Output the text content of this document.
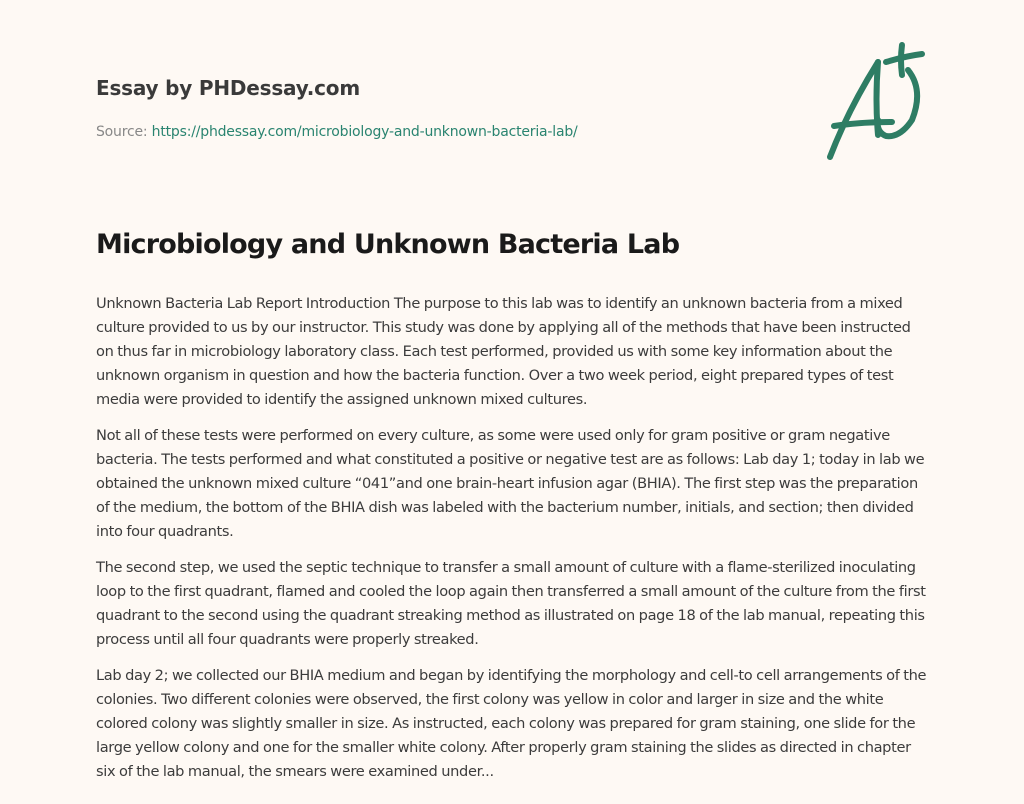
Essay by PHDessay.com
Source: https://phdessay.com/microbiology-and-unknown-bacteria-lab/
Microbiology and Unknown Bacteria Lab

Unknown Bacteria Lab Report Introduction The purpose to this lab was to identify an unknown bacteria from a mixed culture provided to us by our instructor. This study was done by applying all of the methods that have been instructed on thus far in microbiology laboratory class. Each test performed, provided us with some key information about the unknown organism in question and how the bacteria function. Over a two week period, eight prepared types of test media were provided to identify the assigned unknown mixed cultures.

Not all of these tests were performed on every culture, as some were used only for gram positive or gram negative bacteria. The tests performed and what constituted a positive or negative test are as follows: Lab day 1; today in lab we obtained the unknown mixed culture “041”and one brain-heart infusion agar (BHIA). The first step was the preparation of the medium, the bottom of the BHIA dish was labeled with the bacterium number, initials, and section; then divided into four quadrants.

The second step, we used the septic technique to transfer a small amount of culture with a flame-sterilized inoculating loop to the first quadrant, flamed and cooled the loop again then transferred a small amount of the culture from the first quadrant to the second using the quadrant streaking method as illustrated on page 18 of the lab manual, repeating this process until all four quadrants were properly streaked.

Lab day 2; we collected our BHIA medium and began by identifying the morphology and cell-to cell arrangements of the colonies. Two different colonies were observed, the first colony was yellow in color and larger in size and the white colored colony was slightly smaller in size. As instructed, each colony was prepared for gram staining, one slide for the large yellow colony and one for the smaller white colony. After properly gram staining the slides as directed in chapter six of the lab manual, the smears were examined under...
